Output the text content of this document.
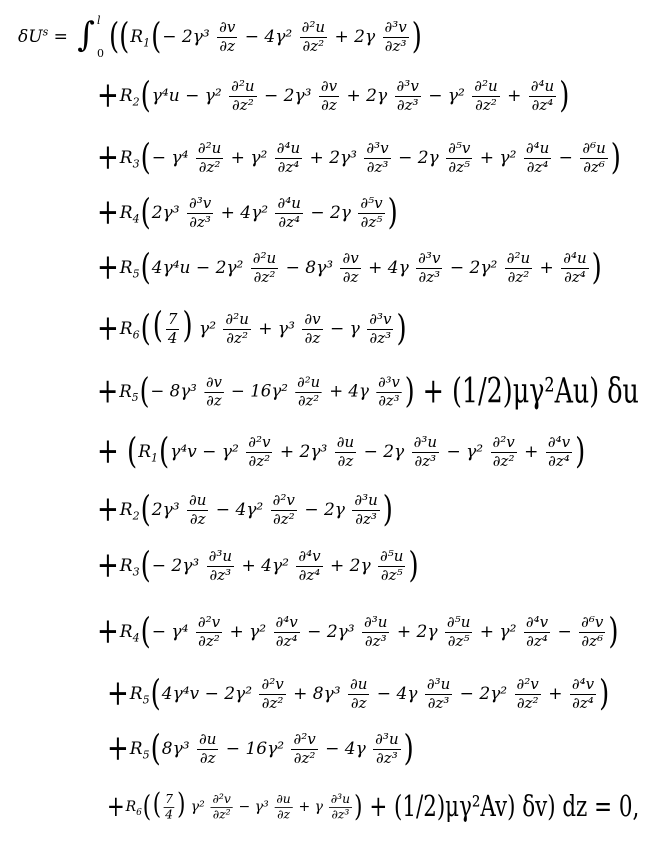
$\delta U^s$ = ∫ l
0 (( $R_1$ ( − $2\gamma^3 \frac{\partial v}{\partial z} - 4\gamma^2 \frac{\text{∂²u}}{\text{∂z²}} + 2\gamma \frac{\text{∂³v}}{\text{∂z³}}$ )
+ $R_2$ ( $\gamma^4u - \gamma^2 \frac{\text{∂²u}}{\text{∂z²}} - 2\gamma^3 \frac{\partial v}{\partial z} + 2\gamma \frac{\text{∂³v}}{\text{∂z³}} - \gamma^2 \frac{\text{∂²u}}{\text{∂z²}} + \frac{\text{∂⁴u}}{\text{∂z⁴}}$ )
+ $R_3$ ( − $\gamma^4 \frac{\text{∂²u}}{\text{∂z²}} + \gamma^2 \frac{\text{∂⁴u}}{\text{∂z⁴}} + 2\gamma^3 \frac{\text{∂³v}}{\text{∂z³}} - 2\gamma \frac{\text{∂⁵v}}{\text{∂z⁵}} + \gamma^2 \frac{\text{∂⁴u}}{\text{∂z⁴}} - \frac{\text{∂⁶u}}{\text{∂z⁶}}$ )
+ $R_4$ ( $2\gamma^3 \frac{\text{∂³v}}{\text{∂z³}} + 4\gamma^2 \frac{\text{∂⁴u}}{\text{∂z⁴}} - 2\gamma \frac{\text{∂⁵v}}{\text{∂z⁵}}$ )
+ $R_5$ ( $4\gamma^4u - 2\gamma^2 \frac{\text{∂²u}}{\text{∂z²}} - 8\gamma^3 \frac{\partial v}{\partial z} + 4\gamma \frac{\text{∂³v}}{\text{∂z³}} - 2\gamma^2 \frac{\text{∂²u}}{\text{∂z²}} + \frac{\text{∂⁴u}}{\text{∂z⁴}}$ )
+ $R_6$ ( ( $\frac{7}{4}$ ) $\gamma^2 \frac{\text{∂²u}}{\text{∂z²}} + \gamma^3 \frac{\partial v}{\partial z} - \gamma \frac{\text{∂³v}}{\text{∂z³}}$ )
+ $R_5$ ( − $8\gamma^3 \frac{\partial v}{\partial z} - 16\gamma^2 \frac{\text{∂²u}}{\text{∂z²}} + 4\gamma \frac{\text{∂³v}}{\text{∂z³}}$ ) + (1/2)μγ²Au) δu
+ ( $R_1$ ( $\gamma^4v - \gamma^2 \frac{\text{∂²v}}{\text{∂z²}} + 2\gamma^3 \frac{\partial u}{\partial z} - 2\gamma \frac{\text{∂³u}}{\text{∂z³}} - \gamma^2 \frac{\text{∂²v}}{\text{∂z²}} + \frac{\text{∂⁴v}}{\text{∂z⁴}}$ )
+ $R_2$ ( $2\gamma^3 \frac{\partial u}{\partial z} - 4\gamma^2 \frac{\text{∂²v}}{\text{∂z²}} - 2\gamma \frac{\text{∂³u}}{\text{∂z³}}$ )
+ $R_3$ ( − $2\gamma^3 \frac{\text{∂³u}}{\text{∂z³}} + 4\gamma^2 \frac{\text{∂⁴v}}{\text{∂z⁴}} + 2\gamma \frac{\text{∂⁵u}}{\text{∂z⁵}}$ )
+ $R_4$ ( − $\gamma^4 \frac{\text{∂²v}}{\text{∂z²}} + \gamma^2 \frac{\text{∂⁴v}}{\text{∂z⁴}} - 2\gamma^3 \frac{\text{∂³u}}{\text{∂z³}} + 2\gamma \frac{\text{∂⁵u}}{\text{∂z⁵}} + \gamma^2 \frac{\text{∂⁴v}}{\text{∂z⁴}} - \frac{\text{∂⁶v}}{\text{∂z⁶}}$ )
+ $R_5$ ( $4\gamma^4v - 2\gamma^2 \frac{\text{∂²v}}{\text{∂z²}} + 8\gamma^3 \frac{\partial u}{\partial z} - 4\gamma \frac{\text{∂³u}}{\text{∂z³}} - 2\gamma^2 \frac{\text{∂²v}}{\text{∂z²}} + \frac{\text{∂⁴v}}{\text{∂z⁴}}$ )
+ $R_5$ ( $8\gamma^3 \frac{\partial u}{\partial z} - 16\gamma^2 \frac{\text{∂²v}}{\text{∂z²}} - 4\gamma \frac{\text{∂³u}}{\text{∂z³}}$ )
+ $R_6$ ( ( $\frac{7}{4}$ ) $\gamma^2 \frac{\text{∂²v}}{\text{∂z²}} - \gamma^3 \frac{\partial u}{\partial z} + \gamma \frac{\text{∂³u}}{\text{∂z³}}$ ) + (1/2)μγ²Av) δv) dz = 0,
